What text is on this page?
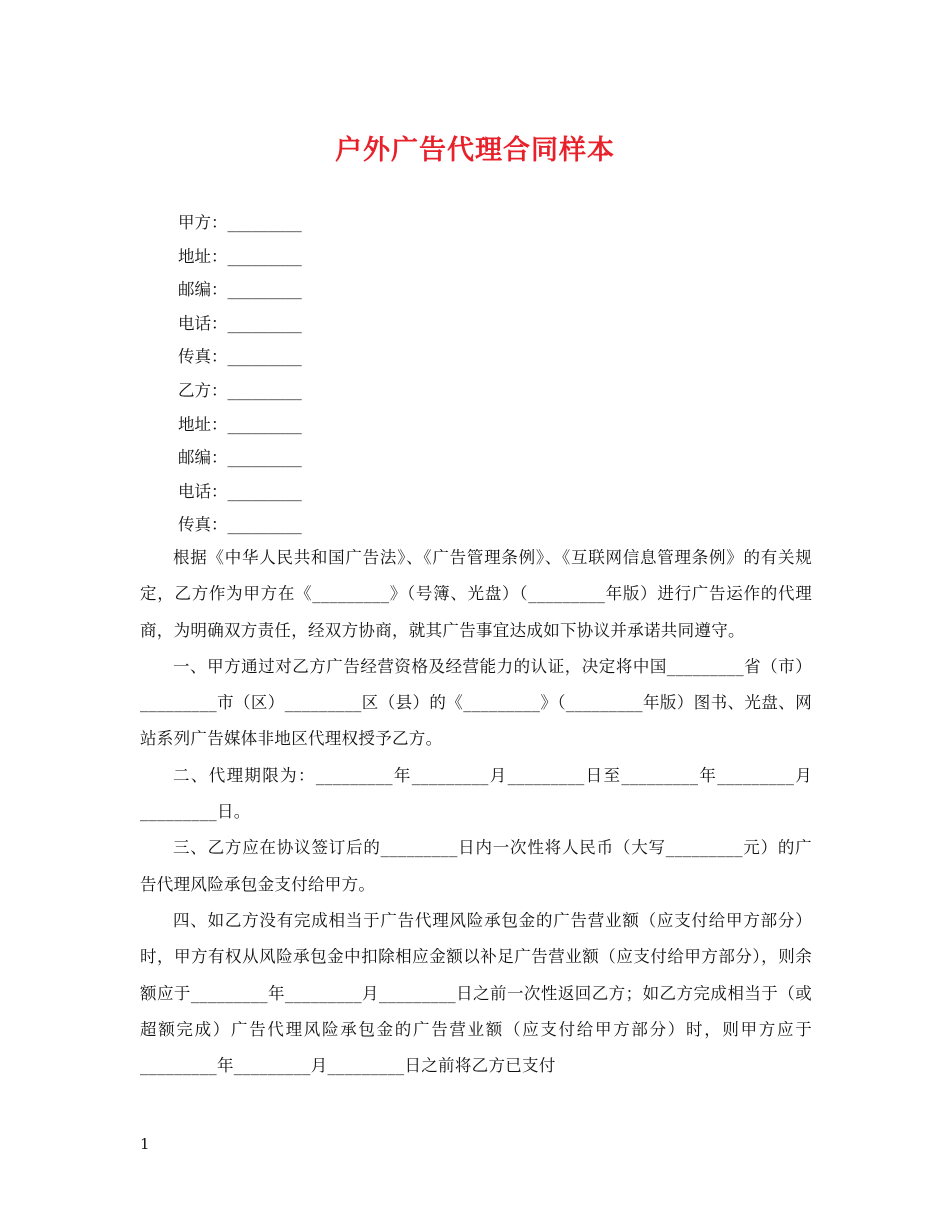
户外广告代理合同样本
甲方：_________
地址：_________
邮编：_________
电话：_________
传真：_________
乙方：_________
地址：_________
邮编：_________
电话：_________
传真：_________

根据《中华人民共和国广告法》、《广告管理条例》、《互联网信息管理条例》的有关规定，乙方作为甲方在《_________》（号簿、光盘）（_________年版）进行广告运作的代理商，为明确双方责任，经双方协商，就其广告事宜达成如下协议并承诺共同遵守。

一、甲方通过对乙方广告经营资格及经营能力的认证，决定将中国_________省（市）_________市（区）_________区（县）的《_________》（_________年版）图书、光盘、网站系列广告媒体非地区代理权授予乙方。

二、代理期限为：_________年_________月_________日至_________年_________月_________日。

三、乙方应在协议签订后的_________日内一次性将人民币（大写_________元）的广告代理风险承包金支付给甲方。

四、如乙方没有完成相当于广告代理风险承包金的广告营业额（应支付给甲方部分）时，甲方有权从风险承包金中扣除相应金额以补足广告营业额（应支付给甲方部分），则余额应于_________年_________月_________日之前一次性返回乙方；如乙方完成相当于（或超额完成）广告代理风险承包金的广告营业额（应支付给甲方部分）时，则甲方应于_________年_________月_________日之前将乙方已支付

1
